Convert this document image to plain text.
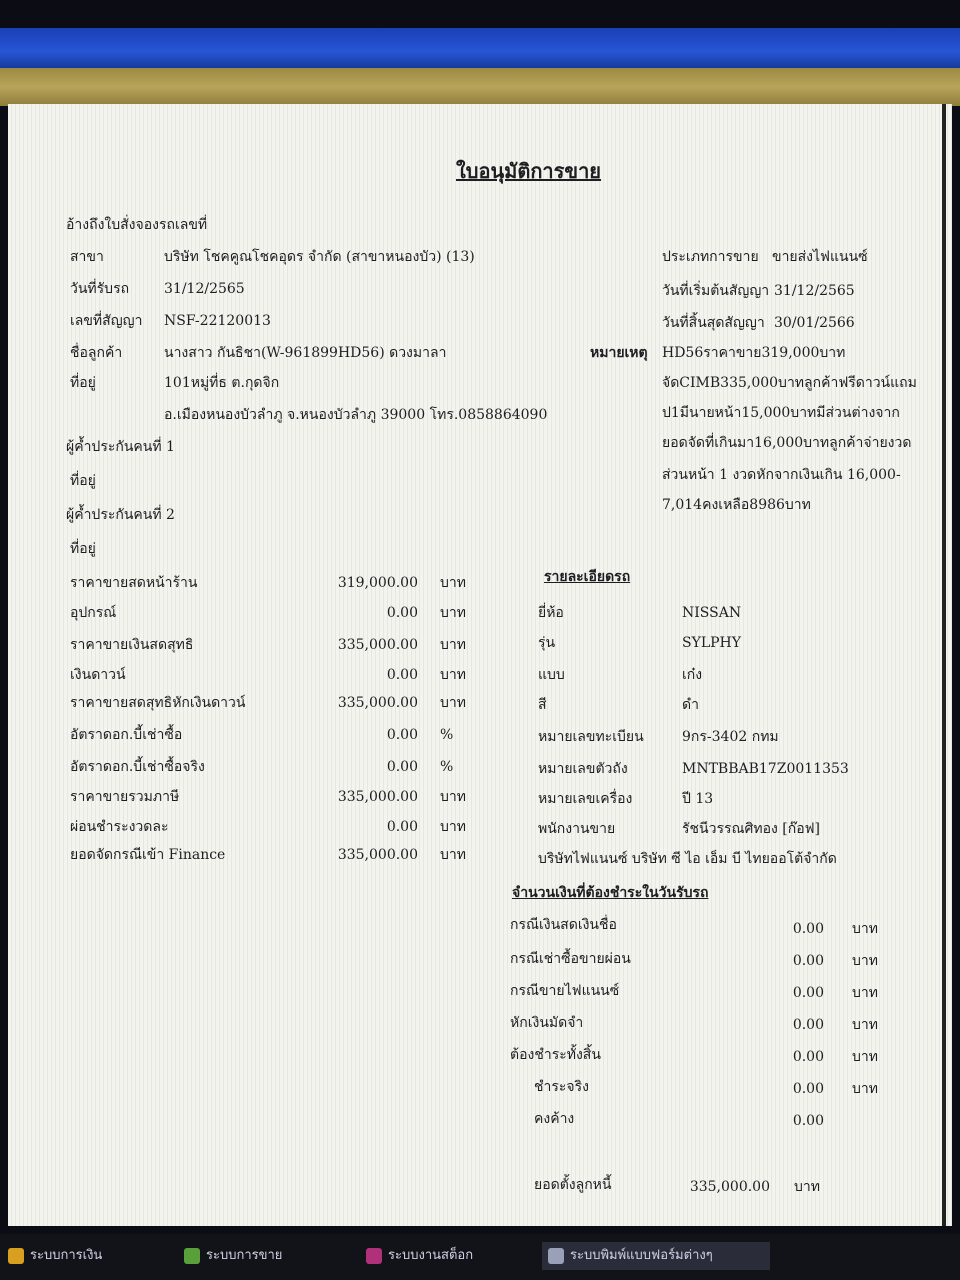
ใบอนุมัติการขาย
อ้างถึงใบสั่งจองรถเลขที่
สาขา	บริษัท โชคคูณโชคอุดร จำกัด (สาขาหนองบัว) (13)
วันที่รับรถ 31/12/2565
เลขที่สัญญา NSF-22120013
ชื่อลูกค้า	นางสาว กันธิชา(W-961899HD56) ดวงมาลา
ที่อยู่	101หมู่ที่ธ ต.กุดจิก
อ.เมืองหนองบัวลำภู จ.หนองบัวลำภู 39000 โทร.0858864090
ผู้ค้ำประกันคนที่ 1
ที่อยู่
ผู้ค้ำประกันคนที่ 2
ที่อยู่
ประเภทการขาย ขายส่งไฟแนนซ์
วันที่เริ่มต้นสัญญา 31/12/2565
วันที่สิ้นสุดสัญญา 30/01/2566
หมายเหตุ HD56ราคาขาย319,000บาท
จัดCIMB335,000บาทลูกค้าฟรีดาวน์แถม
ป1มีนายหน้า15,000บาทมีส่วนต่างจาก
ยอดจัดที่เกินมา16,000บาทลูกค้าจ่ายงวด
ส่วนหน้า 1 งวดหักจากเงินเกิน 16,000-
7,014คงเหลือ8986บาท
ราคาขายสดหน้าร้าน	319,000.00 บาท
อุปกรณ์	0.00 บาท
ราคาขายเงินสดสุทธิ	335,000.00 บาท
เงินดาวน์	0.00 บาท
ราคาขายสดสุทธิหักเงินดาวน์	335,000.00 บาท
อัตราดอก.บี้เช่าซื้อ	0.00 %
อัตราดอก.บี้เช่าซื้อจริง	0.00 %
ราคาขายรวมภาษี	335,000.00 บาท
ผ่อนชำระงวดละ	0.00 บาท
ยอดจัดกรณีเข้า Finance	335,000.00 บาท
รายละเอียดรถ
ยี่ห้อ	NISSAN
รุ่น	SYLPHY
แบบ	เก๋ง
สี	ดำ
หมายเลขทะเบียน	9กร-3402 กทม
หมายเลขตัวถัง	MNTBBAB17Z0011353
หมายเลขเครื่อง	ปี 13
พนักงานขาย	รัชนีวรรณศิทอง [ก๊อฟ]
บริษัทไฟแนนซ์ บริษัท ซี ไอ เอ็ม บี ไทยออโต้จำกัด
จำนวนเงินที่ต้องชำระในวันรับรถ
กรณีเงินสดเงินชื่อ	0.00 บาท
กรณีเช่าซื้อขายผ่อน	0.00 บาท
กรณีขายไฟแนนซ์	0.00 บาท
หักเงินมัดจำ	0.00 บาท
ต้องชำระทั้งสิ้น	0.00 บาท
ชำระจริง	0.00 บาท
คงค้าง	0.00
ยอดตั้งลูกหนี้	335,000.00 บาท
ระบบการเงิน	ระบบการขาย	ระบบงานสต็อก	ระบบพิมพ์แบบฟอร์มต่างๆ
